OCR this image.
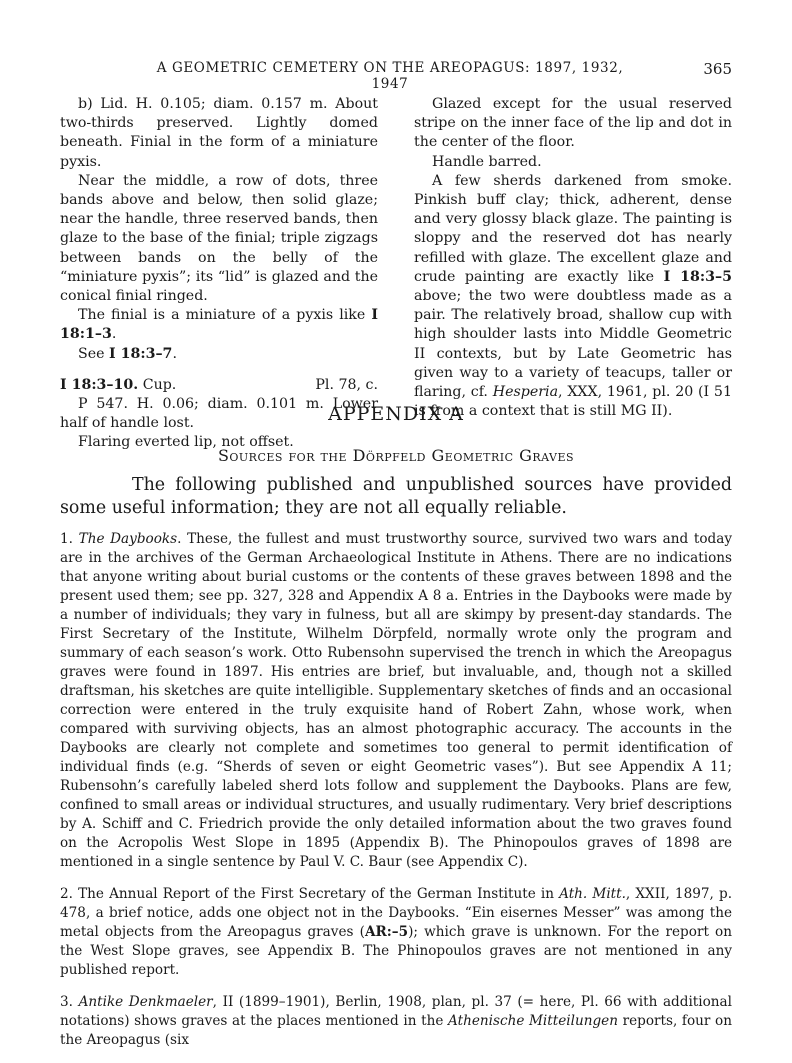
A GEOMETRIC CEMETERY ON THE AREOPAGUS: 1897, 1932, 1947
365

b) Lid. H. 0.105; diam. 0.157 m. About two-thirds preserved. Lightly domed beneath. Finial in the form of a miniature pyxis.

Near the middle, a row of dots, three bands above and below, then solid glaze; near the handle, three reserved bands, then glaze to the base of the finial; triple zigzags between bands on the belly of the “miniature pyxis”; its “lid” is glazed and the conical finial ringed.

The finial is a miniature of a pyxis like I 18:1–3.

See I 18:3–7.

I 18:3–10. Cup.	Pl. 78, c.

P 547. H. 0.06; diam. 0.101 m. Lower half of handle lost.

Flaring everted lip, not offset.

Glazed except for the usual reserved stripe on the inner face of the lip and dot in the center of the floor.

Handle barred.

A few sherds darkened from smoke. Pinkish buff clay; thick, adherent, dense and very glossy black glaze. The painting is sloppy and the reserved dot has nearly refilled with glaze. The excellent glaze and crude painting are exactly like I 18:3–5 above; the two were doubtless made as a pair. The relatively broad, shallow cup with high shoulder lasts into Middle Geometric II contexts, but by Late Geometric has given way to a variety of teacups, taller or flaring, cf. Hesperia, XXX, 1961, pl. 20 (I 51 is from a context that is still MG II).

APPENDIX A
Sources for the Dörpfeld Geometric Graves

The following published and unpublished sources have provided some useful information; they are not all equally reliable.

1. The Daybooks. These, the fullest and must trustworthy source, survived two wars and today are in the archives of the German Archaeological Institute in Athens. There are no indications that anyone writing about burial customs or the contents of these graves between 1898 and the present used them; see pp. 327, 328 and Appendix A 8 a. Entries in the Daybooks were made by a number of individuals; they vary in fulness, but all are skimpy by present-day standards. The First Secretary of the Institute, Wilhelm Dörpfeld, normally wrote only the program and summary of each season’s work. Otto Rubensohn supervised the trench in which the Areopagus graves were found in 1897. His entries are brief, but invaluable, and, though not a skilled draftsman, his sketches are quite intelligible. Supplementary sketches of finds and an occasional correction were entered in the truly exquisite hand of Robert Zahn, whose work, when compared with surviving objects, has an almost photographic accuracy. The accounts in the Daybooks are clearly not complete and sometimes too general to permit identification of individual finds (e.g. “Sherds of seven or eight Geometric vases”). But see Appendix A 11; Rubensohn’s carefully labeled sherd lots follow and supplement the Daybooks. Plans are few, confined to small areas or individual structures, and usually rudimentary. Very brief descriptions by A. Schiff and C. Friedrich provide the only detailed information about the two graves found on the Acropolis West Slope in 1895 (Appendix B). The Phinopoulos graves of 1898 are mentioned in a single sentence by Paul V. C. Baur (see Appendix C).

2. The Annual Report of the First Secretary of the German Institute in Ath. Mitt., XXII, 1897, p. 478, a brief notice, adds one object not in the Daybooks. “Ein eisernes Messer” was among the metal objects from the Areopagus graves (AR:–5); which grave is unknown. For the report on the West Slope graves, see Appendix B. The Phinopoulos graves are not mentioned in any published report.

3. Antike Denkmaeler, II (1899–1901), Berlin, 1908, plan, pl. 37 (= here, Pl. 66 with additional notations) shows graves at the places mentioned in the Athenische Mitteilungen reports, four on the Areopagus (six
